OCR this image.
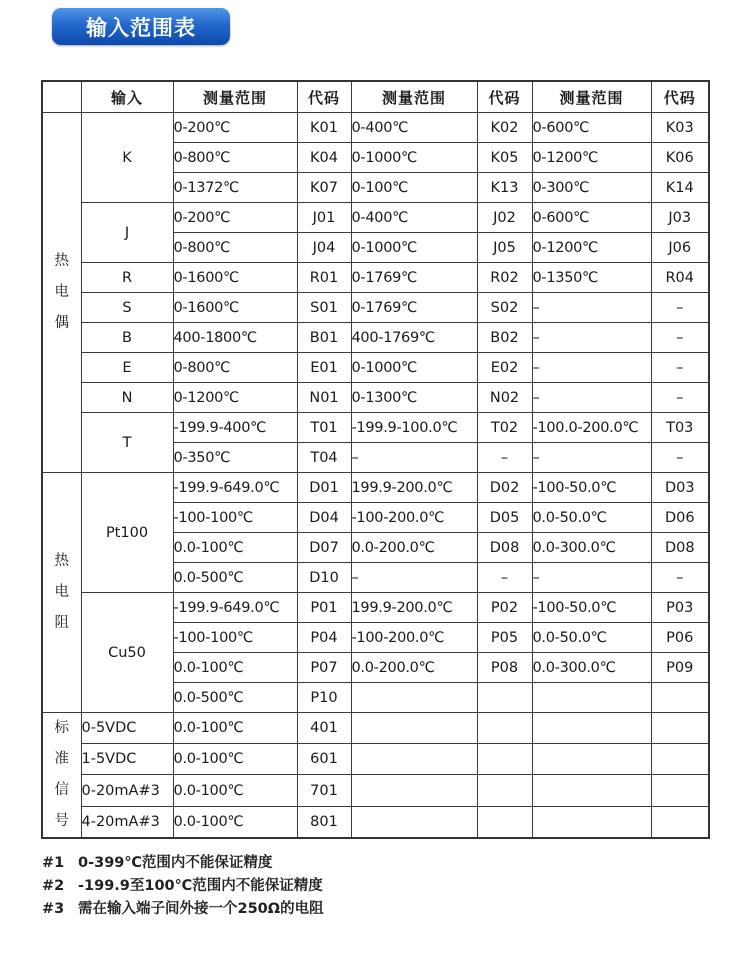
输入范围表
	输入	测量范围	代码	测量范围	代码	测量范围	代码

热
电
偶	K	0-200℃	K01	0-400℃	K02	0-600℃	K03
		0-800℃	K04	0-1000℃	K05	0-1200℃	K06
		0-1372℃	K07	0-100℃	K13	0-300℃	K14
	J	0-200℃	J01	0-400℃	J02	0-600℃	J03
		0-800℃	J04	0-1000℃	J05	0-1200℃	J06
	R	0-1600℃	R01	0-1769℃	R02	0-1350℃	R04
	S	0-1600℃	S01	0-1769℃	S02	–	–
	B	400-1800℃	B01	400-1769℃	B02	–	–
	E	0-800℃	E01	0-1000℃	E02	–	–
	N	0-1200℃	N01	0-1300℃	N02	–	–
	T	-199.9-400℃	T01	-199.9-100.0℃	T02	-100.0-200.0℃	T03
		0-350℃	T04	–	–	–	–

热
电
阻	Pt100	-199.9-649.0℃	D01	199.9-200.0℃	D02	-100-50.0℃	D03
		-100-100℃	D04	-100-200.0℃	D05	0.0-50.0℃	D06
		0.0-100℃	D07	0.0-200.0℃	D08	0.0-300.0℃	D08
		0.0-500℃	D10	–	–	–	–
	Cu50	-199.9-649.0℃	P01	199.9-200.0℃	P02	-100-50.0℃	P03
		-100-100℃	P04	-100-200.0℃	P05	0.0-50.0℃	P06
		0.0-100℃	P07	0.0-200.0℃	P08	0.0-300.0℃	P09
		0.0-500℃	P10				

标
准
信
号	0-5VDC	0.0-100℃	401				
	1-5VDC	0.0-100℃	601				
	0-20mA#3	0.0-100℃	701				
	4-20mA#3	0.0-100℃	801				
#1 0-399℃范围内不能保证精度
#2 -199.9至100℃范围内不能保证精度
#3 需在输入端子间外接一个250Ω的电阻
